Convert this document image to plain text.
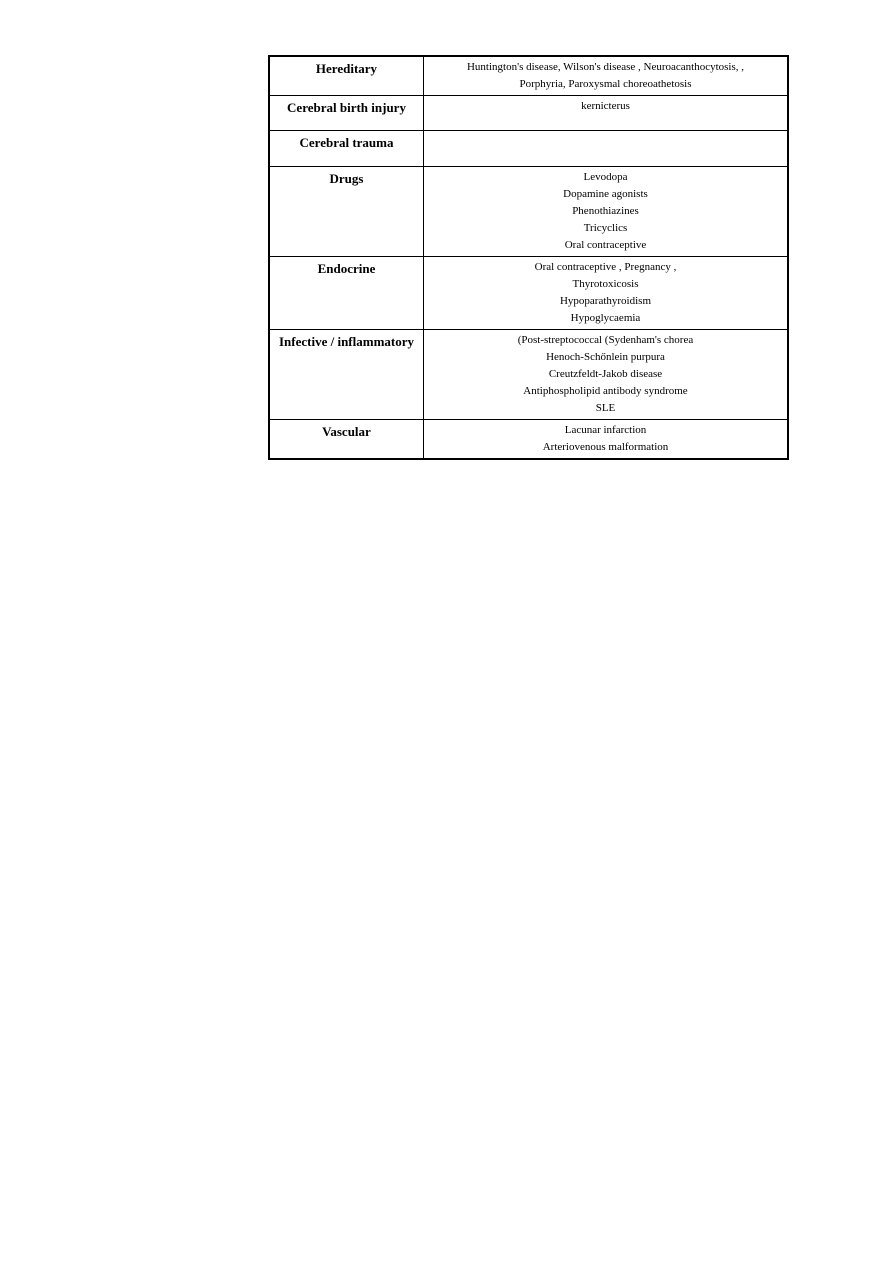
Hereditary	Huntington's disease, Wilson's disease , Neuroacanthocytosis, ,
Porphyria, Paroxysmal choreoathetosis

Cerebral birth injury	kernicterus

Cerebral trauma	
Drugs	Levodopa
Dopamine agonists
Phenothiazines
Tricyclics
Oral contraceptive

Endocrine	Oral contraceptive , Pregnancy ,
Thyrotoxicosis
Hypoparathyroidism
Hypoglycaemia

Infective / inflammatory	(Post-streptococcal (Sydenham's chorea
Henoch-Schőnlein purpura
Creutzfeldt-Jakob disease
Antiphospholipid antibody syndrome
SLE

Vascular	Lacunar infarction
Arteriovenous malformation
